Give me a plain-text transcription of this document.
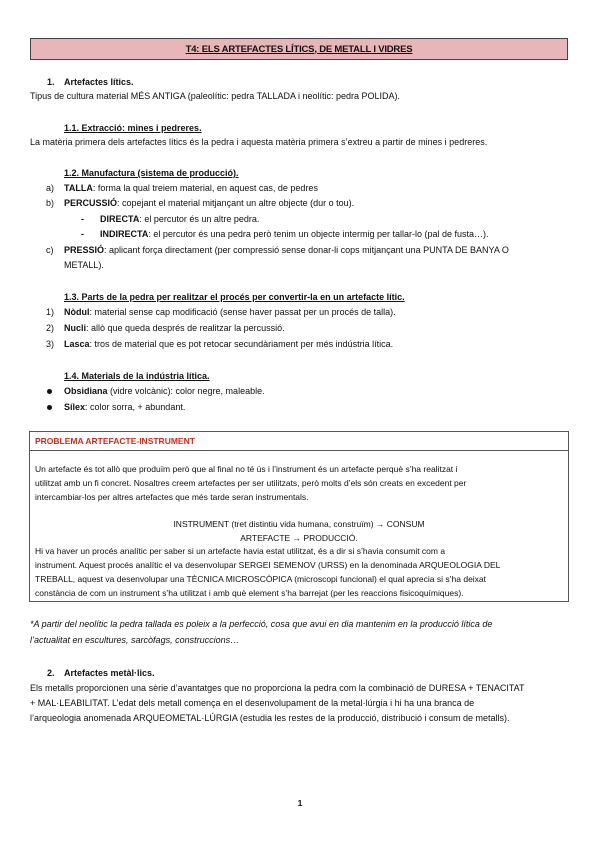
T4: ELS ARTEFACTES LÍTICS, DE METALL I VIDRES
1. Artefactes lítics.
Tipus de cultura material MÉS ANTIGA (paleolític: pedra TALLADA i neolític: pedra POLIDA).
1.1. Extracció: mines i pedreres.
La matèria primera dels artefactes lítics és la pedra i aquesta matèria primera s’extreu a partir de mines i pedreres.
1.2. Manufactura (sistema de producció).
a) TALLA: forma la qual treiem material, en aquest cas, de pedres
b) PERCUSSIÓ: copejant el material mitjançant un altre objecte (dur o tou).
- DIRECTA: el percutor és un altre pedra.
- INDIRECTA: el percutor és una pedra però tenim un objecte intermig per tallar-lo (pal de fusta…).
c) PRESSIÓ: aplicant força directament (per compressió sense donar-li cops mitjançant una PUNTA DE BANYA O
METALL).
1.3. Parts de la pedra per realitzar el procés per convertir-la en un artefacte lític.
1) Nòdul: material sense cap modificació (sense haver passat per un procés de talla).
2) Nucli: allò que queda després de realitzar la percussió.
3) Lasca: tros de material que es pot retocar secundàriament per més indústria lítica.
1.4. Materials de la indústria lítica.
Obsidiana (vidre volcànic): color negre, maleable.
Sílex: color sorra, + abundant.
PROBLEMA ARTEFACTE-INSTRUMENT
Un artefacte és tot allò que produïm però que al final no té ús i l’instrument és un artefacte perquè s’ha realitzat i
utilitzat amb un fi concret. Nosaltres creem artefactes per ser utilitzats, però molts d’els són creats en excedent per
intercambiar-los per altres artefactes que més tarde seran instrumentals.
INSTRUMENT (tret distintiu vida humana, construïm) → CONSUM
ARTEFACTE → PRODUCCIÓ.
Hi va haver un procés analític per saber si un artefacte havia estat utilitzat, és a dir si s’havia consumit com a
instrument. Aquest procés analític el va desenvolupar SERGEI SEMENOV (URSS) en la denominada ARQUEOLOGIA DEL
TREBALL, aquest va desenvolupar una TÈCNICA MICROSCÒPICA (microscopi funcional) el qual aprecia si s’ha deixat
constància de com un instrument s’ha utilitzat i amb què element s’ha barrejat (per les reaccions fisicoquímiques).
*A partir del neolític la pedra tallada es poleix a la perfecció, cosa que avui en dia mantenim en la producció lítica de
l’actualitat en escultures, sarcòfags, construccions…
2. Artefactes metàl·lics.
Els metalls proporcionen una sèrie d’avantatges que no proporciona la pedra com la combinació de DURESA + TENACITAT
+ MAL·LEABILITAT. L’edat dels metall comença en el desenvolupament de la metal·lúrgia i hi ha una branca de
l’arqueologia anomenada ARQUEOMETAL·LÚRGIA (estudia les restes de la producció, distribució i consum de metalls).
1
